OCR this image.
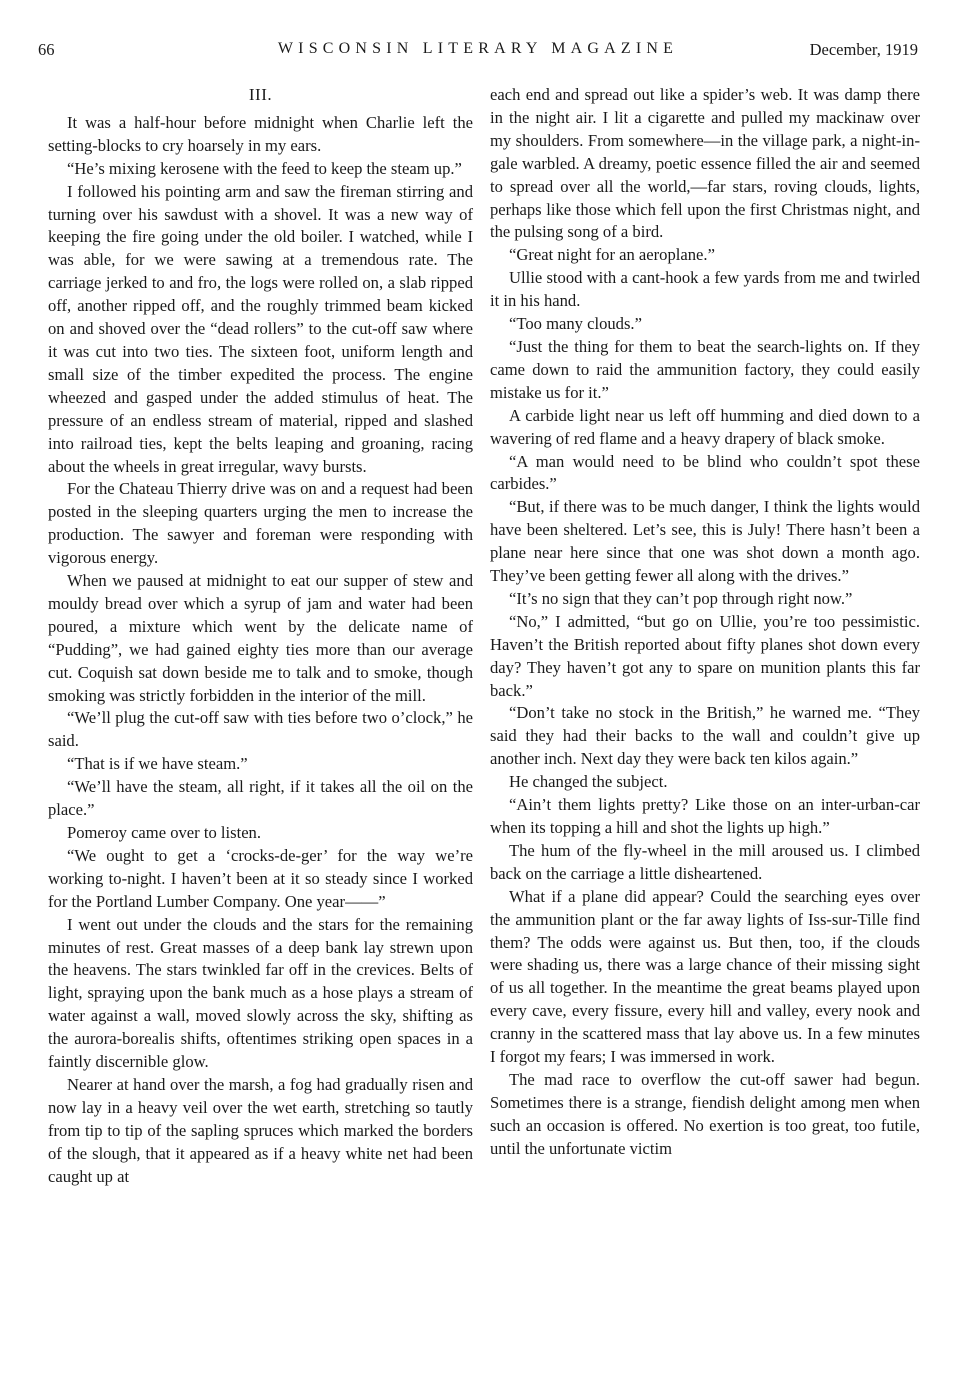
66	WISCONSIN LITERARY MAGAZINE	December, 1919
III.

It was a half-hour before midnight when Charlie left the setting-blocks to cry hoarsely in my ears.

“He’s mixing kerosene with the feed to keep the steam up.”

I followed his pointing arm and saw the fireman stirring and turning over his sawdust with a shovel. It was a new way of keeping the fire going under the old boiler. I watched, while I was able, for we were sawing at a tremendous rate. The carriage jerked to and fro, the logs were rolled on, a slab ripped off, another ripped off, and the roughly trimmed beam kicked on and shoved over the “dead rollers” to the cut-off saw where it was cut into two ties. The sixteen foot, uniform length and small size of the timber expedited the process. The engine wheezed and gasped under the added stimulus of heat. The pressure of an endless stream of material, ripped and slashed into railroad ties, kept the belts leaping and groaning, racing about the wheels in great irregular, wavy bursts.

For the Chateau Thierry drive was on and a request had been posted in the sleeping quarters urging the men to increase the production. The sawyer and foreman were responding with vigorous energy.

When we paused at midnight to eat our supper of stew and mouldy bread over which a syrup of jam and water had been poured, a mixture which went by the delicate name of “Pudding”, we had gained eighty ties more than our average cut. Coquish sat down beside me to talk and to smoke, though smoking was strictly forbidden in the interior of the mill.

“We’ll plug the cut-off saw with ties before two o’clock,” he said.

“That is if we have steam.”

“We’ll have the steam, all right, if it takes all the oil on the place.”

Pomeroy came over to listen.

“We ought to get a ‘crocks-de-ger’ for the way we’re working to-night. I haven’t been at it so steady since I worked for the Portland Lumber Company. One year——”

I went out under the clouds and the stars for the remaining minutes of rest. Great masses of a deep bank lay strewn upon the heavens. The stars twinkled far off in the crevices. Belts of light, spraying upon the bank much as a hose plays a stream of water against a wall, moved slowly across the sky, shifting as the aurora-borealis shifts, oftentimes striking open spaces in a faintly discernible glow.

Nearer at hand over the marsh, a fog had gradually risen and now lay in a heavy veil over the wet earth, stretching so tautly from tip to tip of the sapling spruces which marked the borders of the slough, that it appeared as if a heavy white net had been caught up at

each end and spread out like a spider’s web. It was damp there in the night air. I lit a cigarette and pulled my mackinaw over my shoulders. From somewhere—in the village park, a night-in-gale warbled. A dreamy, poetic essence filled the air and seemed to spread over all the world,—far stars, roving clouds, lights, perhaps like those which fell upon the first Christmas night, and the pulsing song of a bird.

“Great night for an aeroplane.”

Ullie stood with a cant-hook a few yards from me and twirled it in his hand.

“Too many clouds.”

“Just the thing for them to beat the search-lights on. If they came down to raid the ammunition factory, they could easily mistake us for it.”

A carbide light near us left off humming and died down to a wavering of red flame and a heavy drapery of black smoke.

“A man would need to be blind who couldn’t spot these carbides.”

“But, if there was to be much danger, I think the lights would have been sheltered. Let’s see, this is July! There hasn’t been a plane near here since that one was shot down a month ago. They’ve been getting fewer all along with the drives.”

“It’s no sign that they can’t pop through right now.”

“No,” I admitted, “but go on Ullie, you’re too pessimistic. Haven’t the British reported about fifty planes shot down every day? They haven’t got any to spare on munition plants this far back.”

“Don’t take no stock in the British,” he warned me. “They said they had their backs to the wall and couldn’t give up another inch. Next day they were back ten kilos again.”

He changed the subject.

“Ain’t them lights pretty? Like those on an inter-urban-car when its topping a hill and shot the lights up high.”

The hum of the fly-wheel in the mill aroused us. I climbed back on the carriage a little disheartened.

What if a plane did appear? Could the searching eyes over the ammunition plant or the far away lights of Iss-sur-Tille find them? The odds were against us. But then, too, if the clouds were shading us, there was a large chance of their missing sight of us all together. In the meantime the great beams played upon every cave, every fissure, every hill and valley, every nook and cranny in the scattered mass that lay above us. In a few minutes I forgot my fears; I was immersed in work.

The mad race to overflow the cut-off sawer had begun. Sometimes there is a strange, fiendish delight among men when such an occasion is offered. No exertion is too great, too futile, until the unfortunate victim
